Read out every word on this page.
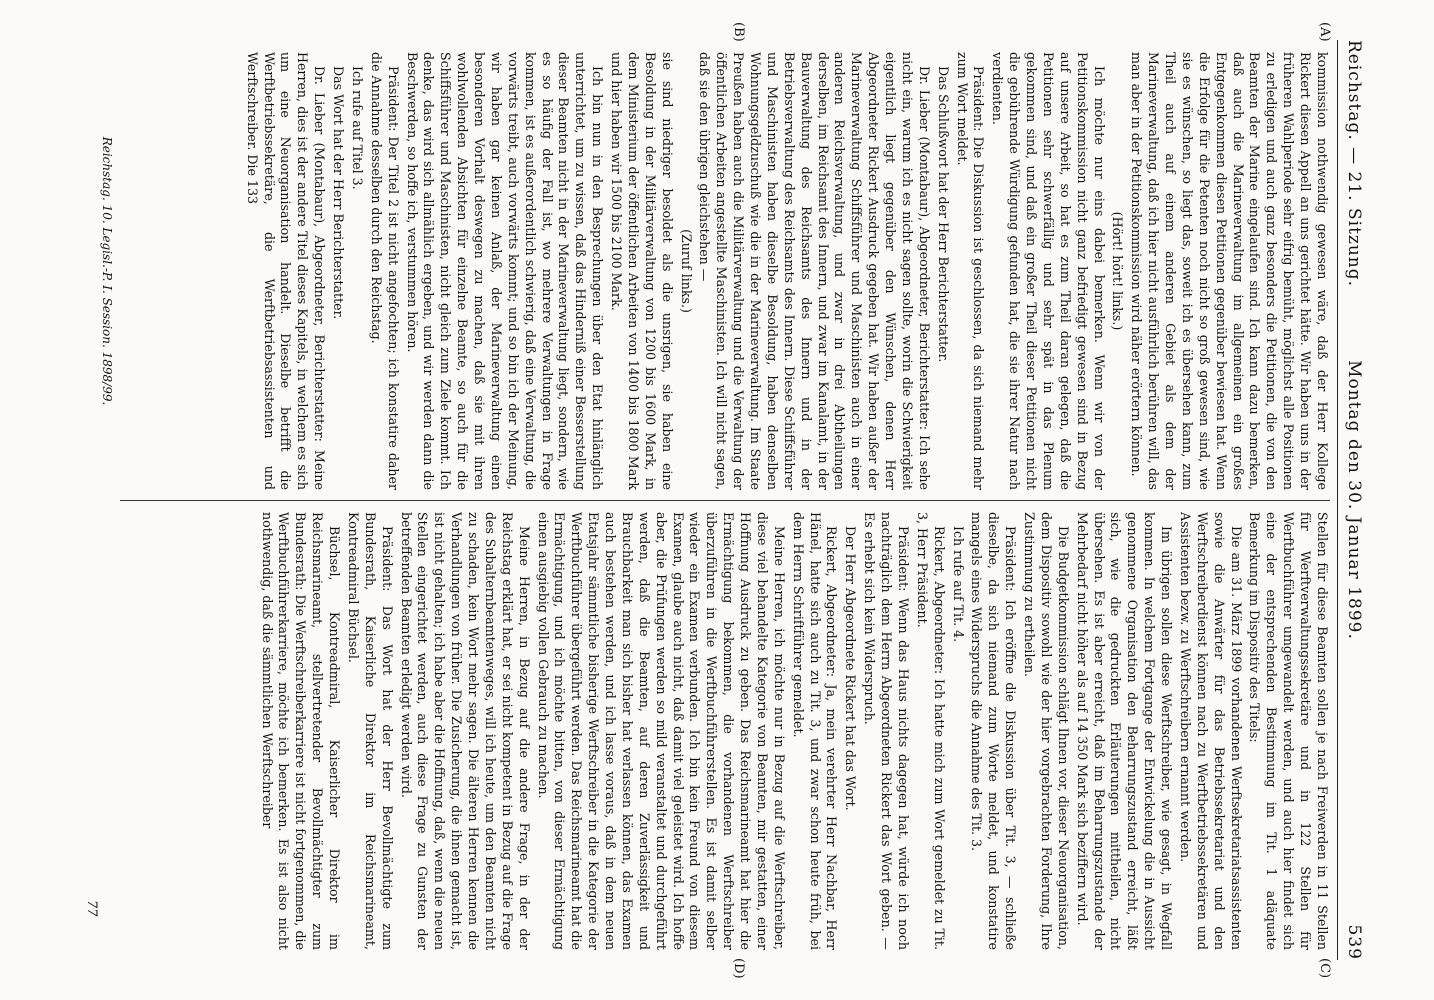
Reichstag. — 21. Sitzung.
Montag den 30. Januar 1899.
539
(A)
(B)
(C)
(D)

kommission nothwendig gewesen wäre, daß der Herr Kollege Rickert diesen Appell an uns gerichtet hätte. Wir haben uns in der früheren Wahlperiode sehr eifrig bemüht, möglichst alle Positionen zu erledigen und auch ganz besonders die Petitionen, die von den Beamten der Marine eingelaufen sind. Ich kann dazu bemerken, daß auch die Marineverwaltung im allgemeinen ein großes Entgegenkommen diesen Petitionen gegenüber bewiesen hat. Wenn die Erfolge für die Petenten noch nicht so groß gewesen sind, wie sie es wünschen, so liegt das, soweit ich es übersehen kann, zum Theil auch auf einem anderen Gebiet als dem der Marineverwaltung, daß ich hier nicht ausführlich berühren will, das man aber in der Petitionskommission wird näher erörtern können.

(Hört! hört! links.)

Ich möchte nur eins dabei bemerken. Wenn wir von der Petitionskommission nicht ganz befriedigt gewesen sind in Bezug auf unsere Arbeit, so hat es zum Theil daran gelegen, daß die Petitionen sehr schwerfällig und sehr spät in das Plenum gekommen sind, und daß ein großer Theil dieser Petitionen nicht die gebührende Würdigung gefunden hat, die sie ihrer Natur nach verdienten.

Präsident: Die Diskussion ist geschlossen, da sich niemand mehr zum Wort meldet.

Das Schlußwort hat der Herr Berichterstatter.

Dr. Lieber (Montabaur), Abgeordneter, Berichterstatter: Ich sehe nicht ein, warum ich es nicht sagen sollte, worin die Schwierigkeit eigentlich liegt gegenüber den Wünschen, denen Herr Abgeordneter Rickert Ausdruck gegeben hat. Wir haben außer der Marineverwaltung Schiffsführer und Maschinisten auch in einer anderen Reichsverwaltung, und zwar in drei Abtheilungen derselben, im Reichsamt des Innern, und zwar im Kanalamt, in der Bauverwaltung des Reichsamts des Innern und in der Betriebsverwaltung des Reichsamts des Innern. Diese Schiffsführer und Maschinisten haben dieselbe Besoldung, haben denselben Wohnungsgeldzuschuß wie die in der Marineverwaltung. Im Staate Preußen haben auch die Militärverwaltung und die Verwaltung der öffentlichen Arbeiten angestellte Maschinisten. Ich will nicht sagen, daß sie den übrigen gleichstehen —

(Zuruf links.)

sie sind niedriger besoldet als die unsrigen, sie haben eine Besoldung in der Militärverwaltung von 1200 bis 1600 Mark, in dem Ministerium der öffentlichen Arbeiten von 1400 bis 1800 Mark und hier haben wir 1500 bis 2100 Mark.

Ich bin nun in den Besprechungen über den Etat hinlänglich unterrichtet, um zu wissen, daß das Hinderniß einer Besserstellung dieser Beamten nicht in der Marineverwaltung liegt, sondern, wie es so häufig der Fall ist, wo mehrere Verwaltungen in Frage kommen, ist es außerordentlich schwierig, daß eine Verwaltung, die vorwärts treibt, auch vorwärts kommt; und so bin ich der Meinung, wir haben gar keinen Anlaß, der Marineverwaltung einen besonderen Vorhalt deswegen zu machen, daß sie mit ihren wohlwollenden Absichten für einzelne Beamte, so auch für die Schiffsführer und Maschinisten, nicht gleich zum Ziele kommt. Ich denke, das wird sich allmählich ergeben, und wir werden dann die Beschwerden, so hoffe ich, verstummen hören.

Präsident: Der Titel 2 ist nicht angefochten; ich konstatire daher die Annahme desselben durch den Reichstag.

Ich rufe auf Titel 3.

Das Wort hat der Herr Berichterstatter.

Dr. Lieber (Montabaur), Abgeordneter, Berichterstatter: Meine Herren, dies ist der andere Titel dieses Kapitels, in welchem es sich um eine Neuorganisation handelt. Dieselbe betrifft die Werftbetriebssekretäre, die Werftbetriebsassistenten und Werftschreiber. Die 133

Stellen für diese Beamten sollen je nach Freiwerden in 11 Stellen für Werftverwaltungssekretäre und in 122 Stellen für Werftbuchführer umgewandelt werden, und auch hier findet sich eine der entsprechenden Bestimmung im Tit. 1 adäquate Bemerkung im Dispositiv des Titels:

Die am 31. März 1899 vorhandenen Werftsekretariatsassistenten sowie die Anwärter für das Betriebssekretariat und den Werftschreiberdienst können nach zu Werftbetriebssekretären und Assistenten bezw. zu Werftschreibern ernannt werden.

Im übrigen sollen diese Werftschreiber, wie gesagt, in Wegfall kommen. In welchem Fortgange der Entwickelung die in Aussicht genommene Organisation den Beharrungszustand erreicht, läßt sich, wie die gedruckten Erläuterungen mittheilen, nicht übersehen. Es ist aber erreicht, daß im Beharrungszustande der Mehrbedarf nicht höher als auf 14 350 Mark sich beziffern wird.

Die Budgetkommission schlägt Ihnen vor, dieser Neuorganisation, dem Dispositiv sowohl wie der hier vorgebrachten Forderung, Ihre Zustimmung zu ertheilen.

Präsident: Ich eröffne die Diskussion über Tit. 3, — schließe dieselbe, da sich niemand zum Worte meldet, und konstatire mangels eines Widerspruchs die Annahme des Tit. 3.

Ich rufe auf Tit. 4.

Rickert, Abgeordneter: Ich hatte mich zum Wort gemeldet zu Tit. 3, Herr Präsident.

Präsident: Wenn das Haus nichts dagegen hat, würde ich noch nachträglich dem Herrn Abgeordneten Rickert das Wort geben. — Es erhebt sich kein Widerspruch.

Der Herr Abgeordnete Rickert hat das Wort.

Rickert, Abgeordneter: Ja, mein verehrter Herr Nachbar, Herr Hänel, hatte sich auch zu Tit. 3, und zwar schon heute früh, bei dem Herrn Schriftführer gemeldet.

Meine Herren, ich möchte nur in Bezug auf die Werftschreiber, diese viel behandelte Kategorie von Beamten, mir gestatten, einer Hoffnung Ausdruck zu geben. Das Reichsmarineamt hat hier die Ermächtigung bekommen, die vorhandenen Werftschreiber überzuführen in die Werftbuchführerstellen. Es ist damit selber wieder ein Examen verbunden. Ich bin kein Freund von diesem Examen, glaube auch nicht, daß damit viel geleistet wird. Ich hoffe aber, die Prüfungen werden so mild veranstaltet und durchgeführt werden, daß die Beamten, auf deren Zuverlässigkeit und Brauchbarkeit man sich bisher hat verlassen können, das Examen auch bestehen werden, und ich lasse voraus, daß in dem neuen Etatsjahr sämmtliche bisherige Werftschreiber in die Kategorie der Werftbuchführer übergeführt werden. Das Reichsmarineamt hat die Ermächtigung, und ich möchte bitten, von dieser Ermächtigung einen ausgiebig vollen Gebrauch zu machen.

Meine Herren, in Bezug auf die andere Frage, in der der Reichstag erklärt hat, er sei nicht kompetent in Bezug auf die Frage des Subalternbeamtenweges, will ich heute, um den Beamten nicht zu schaden, kein Wort mehr sagen. Die älteren Herren kennen die Verhandlungen von früher. Die Zusicherung, die ihnen gemacht ist, ist nicht gehalten; ich habe aber die Hoffnung, daß, wenn die neuen Stellen eingerichtet werden, auch diese Frage zu Gunsten der betreffenden Beamten erledigt werden wird.

Präsident: Das Wort hat der Herr Bevollmächtigte zum Bundesrath, Kaiserliche Direktor im Reichsmarineamt, Kontreadmiral Büchsel.

Büchsel, Kontreadmiral, Kaiserlicher Direktor im Reichsmarineamt, stellvertretender Bevollmächtigter zum Bundesrath: Die Werftschreiberkarriere ist nicht fortgenommen, die Werftbuchführerkarriere, möchte ich bemerken. Es ist also nicht nothwendig, daß die sämmtlichen Werftschreiber

Reichstag. 10. Legisl.-P. I. Session. 1898/99.
77
